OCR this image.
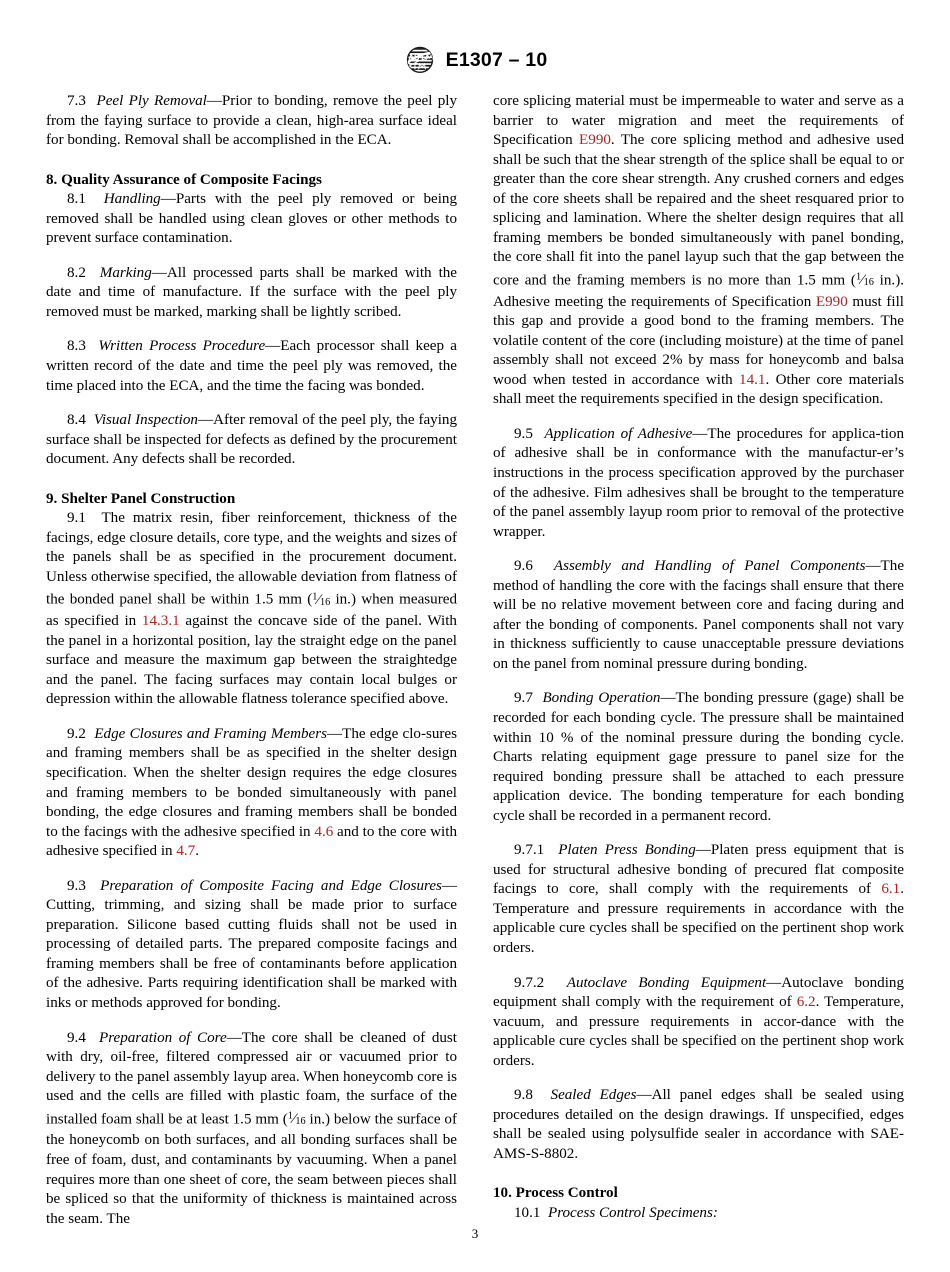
E1307 – 10

7.3 Peel Ply Removal—Prior to bonding, remove the peel ply from the faying surface to provide a clean, high-area surface ideal for bonding. Removal shall be accomplished in the ECA.

8. Quality Assurance of Composite Facings

8.1 Handling—Parts with the peel ply removed or being removed shall be handled using clean gloves or other methods to prevent surface contamination.

8.2 Marking—All processed parts shall be marked with the date and time of manufacture. If the surface with the peel ply removed must be marked, marking shall be lightly scribed.

8.3 Written Process Procedure—Each processor shall keep a written record of the date and time the peel ply was removed, the time placed into the ECA, and the time the facing was bonded.

8.4 Visual Inspection—After removal of the peel ply, the faying surface shall be inspected for defects as defined by the procurement document. Any defects shall be recorded.

9. Shelter Panel Construction

9.1 The matrix resin, fiber reinforcement, thickness of the facings, edge closure details, core type, and the weights and sizes of the panels shall be as specified in the procurement document. Unless otherwise specified, the allowable deviation from flatness of the bonded panel shall be within 1.5 mm ($^1$⁄16 in.) when measured as specified in 14.3.1 against the concave side of the panel. With the panel in a horizontal position, lay the straight edge on the panel surface and measure the maximum gap between the straightedge and the panel. The facing surfaces may contain local bulges or depression within the allowable flatness tolerance specified above.

9.2 Edge Closures and Framing Members—The edge clo-sures and framing members shall be as specified in the shelter design specification. When the shelter design requires the edge closures and framing members to be bonded simultaneously with panel bonding, the edge closures and framing members shall be bonded to the facings with the adhesive specified in 4.6 and to the core with adhesive specified in 4.7.

9.3 Preparation of Composite Facing and Edge Closures—Cutting, trimming, and sizing shall be made prior to surface preparation. Silicone based cutting fluids shall not be used in processing of detailed parts. The prepared composite facings and framing members shall be free of contaminants before application of the adhesive. Parts requiring identification shall be marked with inks or methods approved for bonding.

9.4 Preparation of Core—The core shall be cleaned of dust with dry, oil-free, filtered compressed air or vacuumed prior to delivery to the panel assembly layup area. When honeycomb core is used and the cells are filled with plastic foam, the surface of the installed foam shall be at least 1.5 mm ($^1$⁄16 in.) below the surface of the honeycomb on both surfaces, and all bonding surfaces shall be free of foam, dust, and contaminants by vacuuming. When a panel requires more than one sheet of core, the seam between pieces shall be spliced so that the uniformity of thickness is maintained across the seam. The

core splicing material must be impermeable to water and serve as a barrier to water migration and meet the requirements of Specification E990. The core splicing method and adhesive used shall be such that the shear strength of the splice shall be equal to or greater than the core shear strength. Any crushed corners and edges of the core sheets shall be repaired and the sheet resquared prior to splicing and lamination. Where the shelter design requires that all framing members be bonded simultaneously with panel bonding, the core shall fit into the panel layup such that the gap between the core and the framing members is no more than 1.5 mm ($^1$⁄16 in.). Adhesive meeting the requirements of Specification E990 must fill this gap and provide a good bond to the framing members. The volatile content of the core (including moisture) at the time of panel assembly shall not exceed 2% by mass for honeycomb and balsa wood when tested in accordance with 14.1. Other core materials shall meet the requirements specified in the design specification.

9.5 Application of Adhesive—The procedures for applica-tion of adhesive shall be in conformance with the manufactur-er’s instructions in the process specification approved by the purchaser of the adhesive. Film adhesives shall be brought to the temperature of the panel assembly layup room prior to removal of the protective wrapper.

9.6 Assembly and Handling of Panel Components—The method of handling the core with the facings shall ensure that there will be no relative movement between core and facing during and after the bonding of components. Panel components shall not vary in thickness sufficiently to cause unacceptable pressure deviations on the panel from nominal pressure during bonding.

9.7 Bonding Operation—The bonding pressure (gage) shall be recorded for each bonding cycle. The pressure shall be maintained within 10 % of the nominal pressure during the bonding cycle. Charts relating equipment gage pressure to panel size for the required bonding pressure shall be attached to each pressure application device. The bonding temperature for each bonding cycle shall be recorded in a permanent record.

9.7.1 Platen Press Bonding—Platen press equipment that is used for structural adhesive bonding of precured flat composite facings to core, shall comply with the requirements of 6.1. Temperature and pressure requirements in accordance with the applicable cure cycles shall be specified on the pertinent shop work orders.

9.7.2 Autoclave Bonding Equipment—Autoclave bonding equipment shall comply with the requirement of 6.2. Temperature, vacuum, and pressure requirements in accor-dance with the applicable cure cycles shall be specified on the pertinent shop work orders.

9.8 Sealed Edges—All panel edges shall be sealed using procedures detailed on the design drawings. If unspecified, edges shall be sealed using polysulfide sealer in accordance with SAE-AMS-S-8802.

10. Process Control

10.1 Process Control Specimens:

3
